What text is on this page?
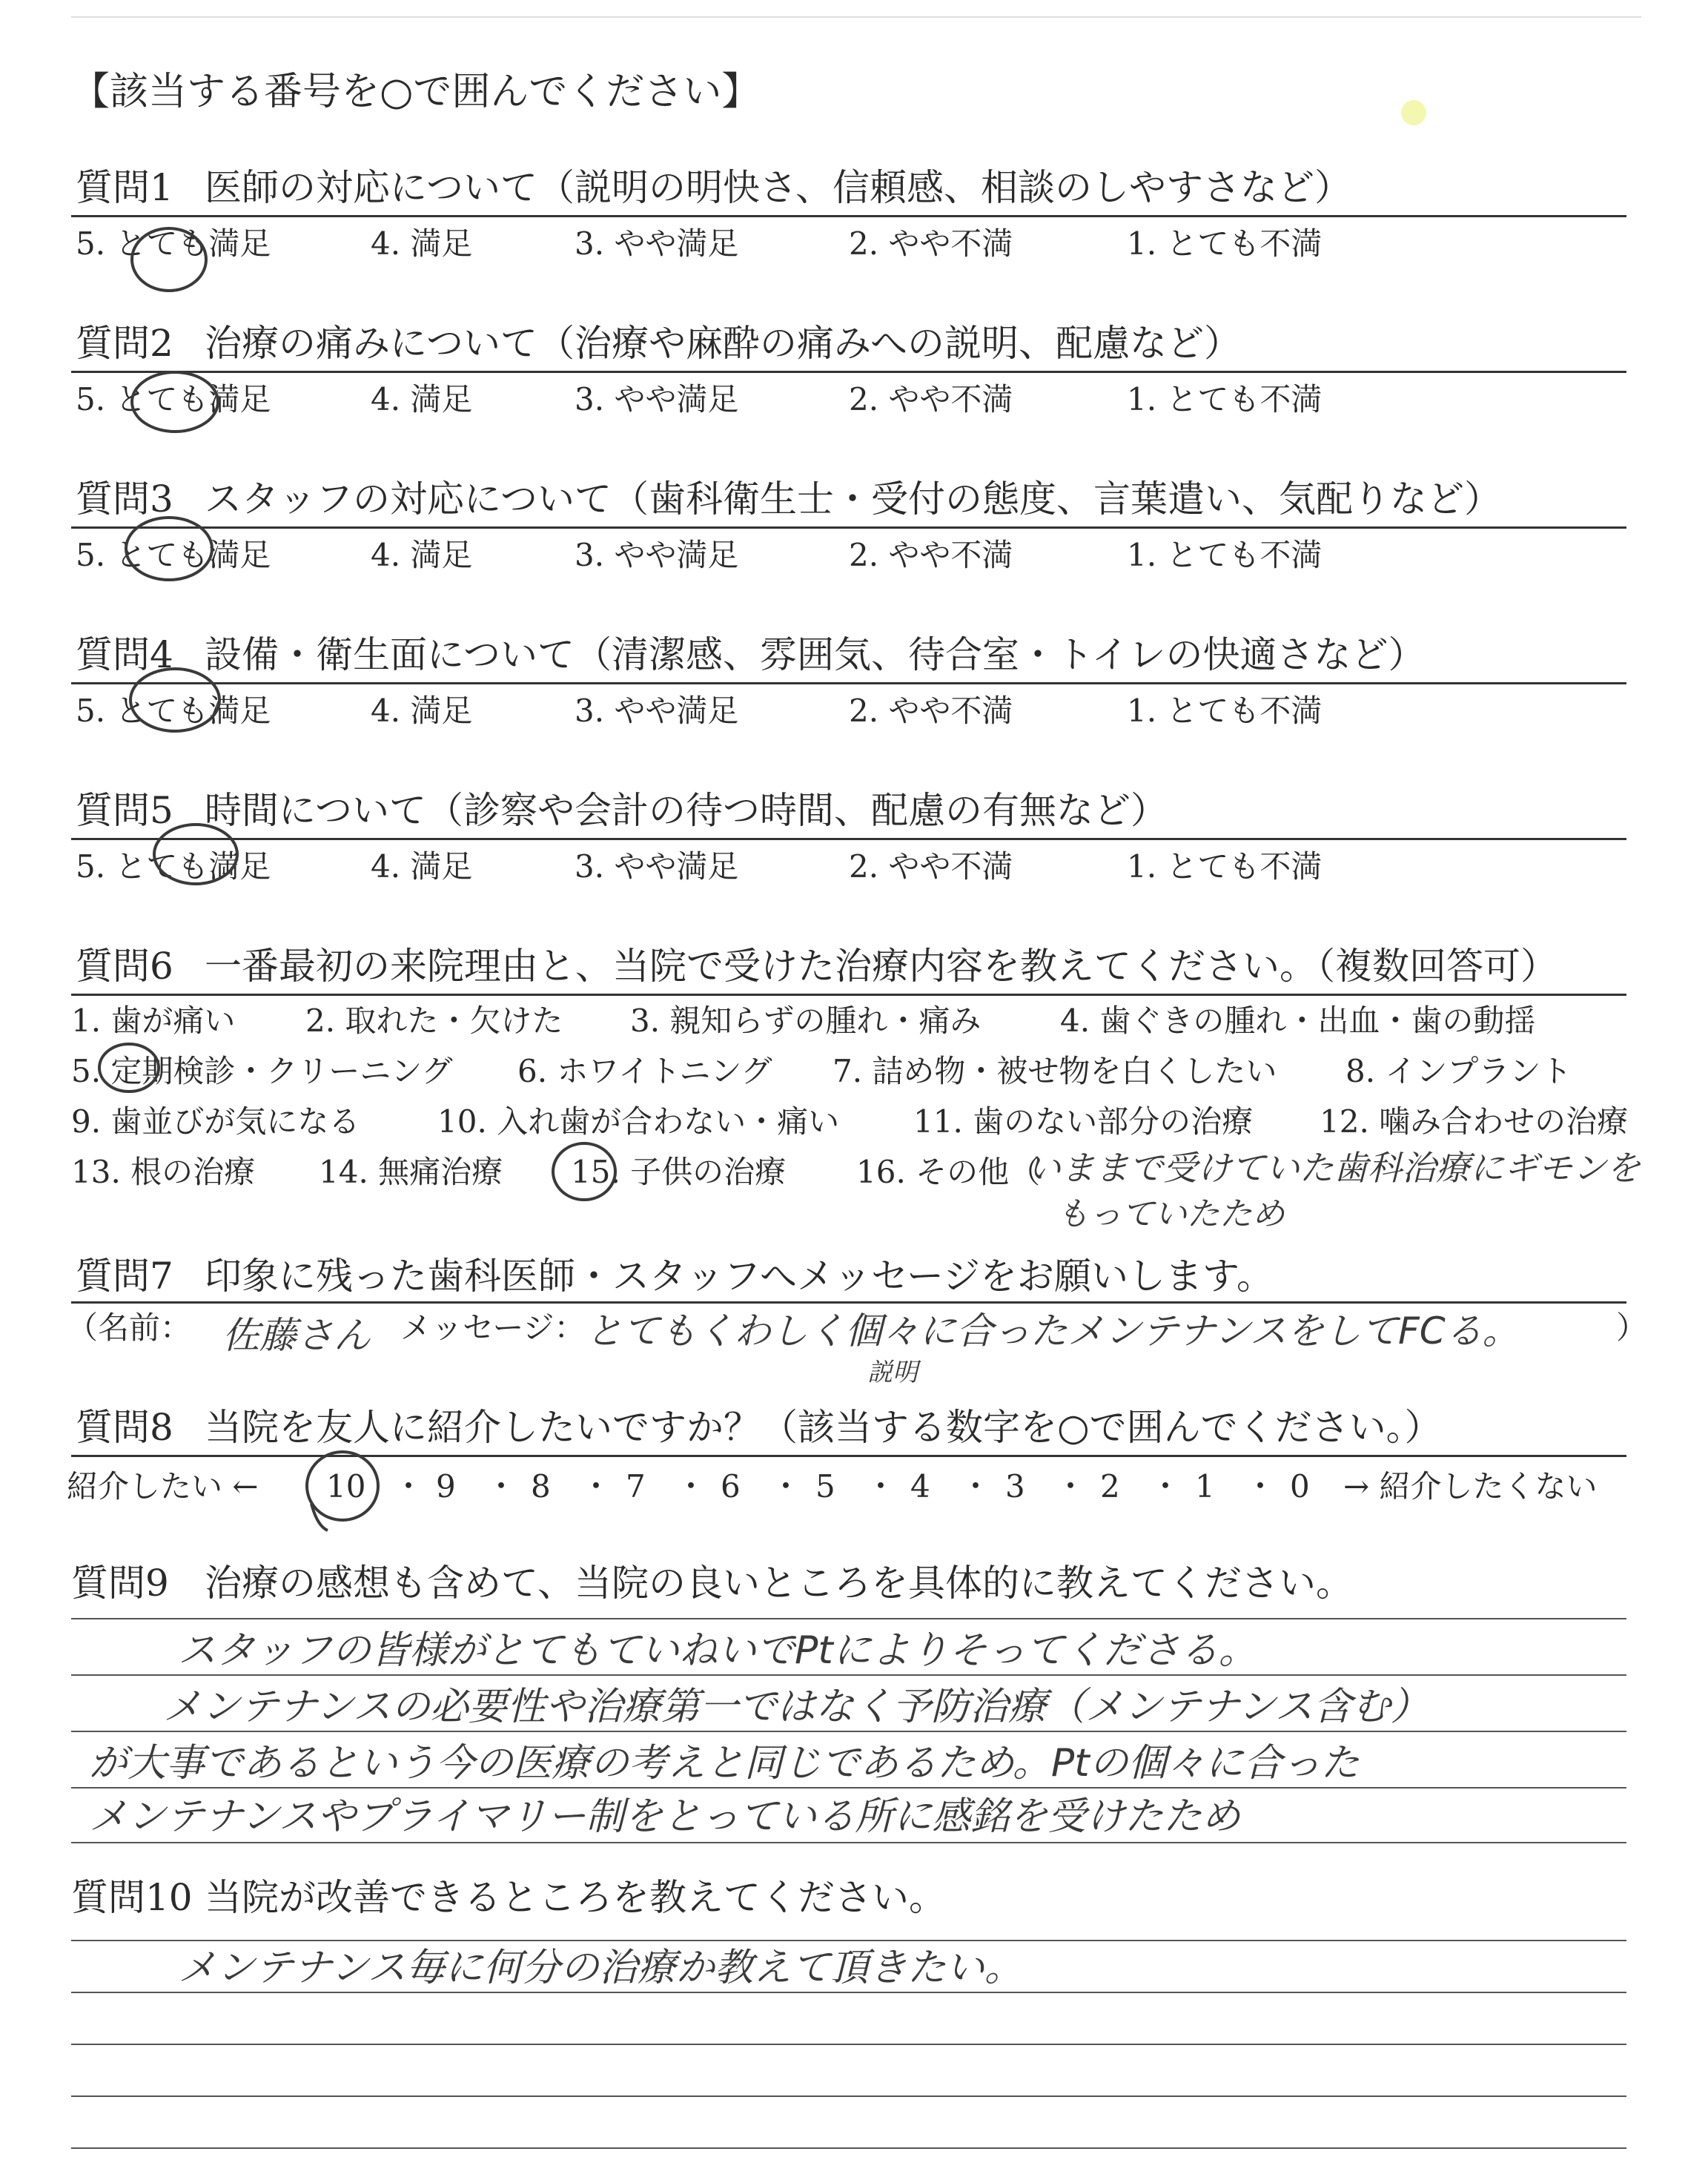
【該当する番号を○で囲んでください】
質問1 医師の対応について（説明の明快さ、信頼感、相談のしやすさなど）
5. とても満足	4. 満足	3. やや満足	2. やや不満	1. とても不満
質問2 治療の痛みについて（治療や麻酔の痛みへの説明、配慮など）
5. とても満足	4. 満足	3. やや満足	2. やや不満	1. とても不満
質問3 スタッフの対応について（歯科衛生士・受付の態度、言葉遣い、気配りなど）
5. とても満足	4. 満足	3. やや満足	2. やや不満	1. とても不満
質問4 設備・衛生面について（清潔感、雰囲気、待合室・トイレの快適さなど）
5. とても満足	4. 満足	3. やや満足	2. やや不満	1. とても不満
質問5 時間について（診察や会計の待つ時間、配慮の有無など）
5. とても満足	4. 満足	3. やや満足	2. やや不満	1. とても不満
質問6 一番最初の来院理由と、当院で受けた治療内容を教えてください。（複数回答可）
1. 歯が痛い 2. 取れた・欠けた 3. 親知らずの腫れ・痛み	4. 歯ぐきの腫れ・出血・歯の動揺
5. 定期検診・クリーニング 6. ホワイトニング 7. 詰め物・被せ物を白くしたい 8. インプラント
9. 歯並びが気になる 10. 入れ歯が合わない・痛い 11. 歯のない部分の治療 12. 噛み合わせの治療
13. 根の治療 14. 無痛治療 15. 子供の治療 16. その他（
いままで受けていた歯科治療にギモンを
もっていたため
質問7 印象に残った歯科医師・スタッフへメッセージをお願いします。
（名前： 佐藤さん メッセージ： とてもくわしく個々に合ったメンテナンスをしてFCる。
説明
）
質問8 当院を友人に紹介したいですか？（該当する数字を○で囲んでください。）
紹介したい ← 10 9 8 7 6 5 4 3 2 1 0 → 紹介したくない
・ ・ ・ ・ ・ ・ ・ ・ ・ ・
質問9 治療の感想も含めて、当院の良いところを具体的に教えてください。
スタッフの皆様がとてもていねいでPtによりそってくださる。
メンテナンスの必要性や治療第一ではなく予防治療（メンテナンス含む）
が大事であるという今の医療の考えと同じであるため。Ptの個々に合った
メンテナンスやプライマリー制をとっている所に感銘を受けたため
質問10 当院が改善できるところを教えてください。
メンテナンス毎に何分の治療か教えて頂きたい。
